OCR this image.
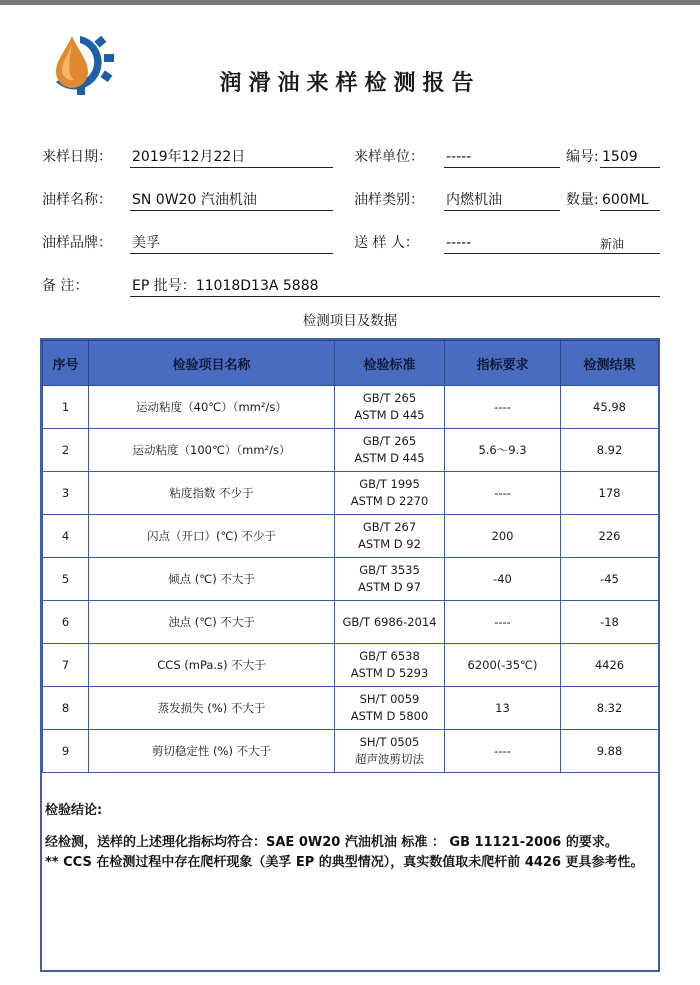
润滑油来样检测报告
来样日期： 2019年12月22日	来样单位： -----	编号: 1509
油样名称： SN 0W20 汽油机油	油样类别： 内燃机油	数量: 600ML
油样品牌： 美孚	送 样 人： -----	新油
备 注：	EP 批号：11018D13A 5888
检测项目及数据
序号	检验项目名称	检验标准	指标要求	检测结果
1	运动粘度（40℃）（mm²/s）	GB/T 265
ASTM D 445	----	45.98
2	运动粘度（100℃）（mm²/s）	GB/T 265
ASTM D 445	5.6～9.3	8.92
3	粘度指数 不少于	GB/T 1995
ASTM D 2270	----	178
4	闪点（开口）(℃) 不少于	GB/T 267
ASTM D 92	200	226
5	倾点 (℃) 不大于	GB/T 3535
ASTM D 97	-40	-45
6	浊点 (℃) 不大于	GB/T 6986-2014	----	-18
7	CCS (mPa.s) 不大于	GB/T 6538
ASTM D 5293	6200(-35℃)	4426
8	蒸发损失 (%) 不大于	SH/T 0059
ASTM D 5800	13	8.32
9	剪切稳定性 (%) 不大于	SH/T 0505
超声波剪切法	----	9.88
检验结论:
经检测，送样的上述理化指标均符合：SAE 0W20 汽油机油 标准 ： GB 11121-2006 的要求。
** CCS 在检测过程中存在爬杆现象（美孚 EP 的典型情况），真实数值取未爬杆前 4426 更具参考性。
